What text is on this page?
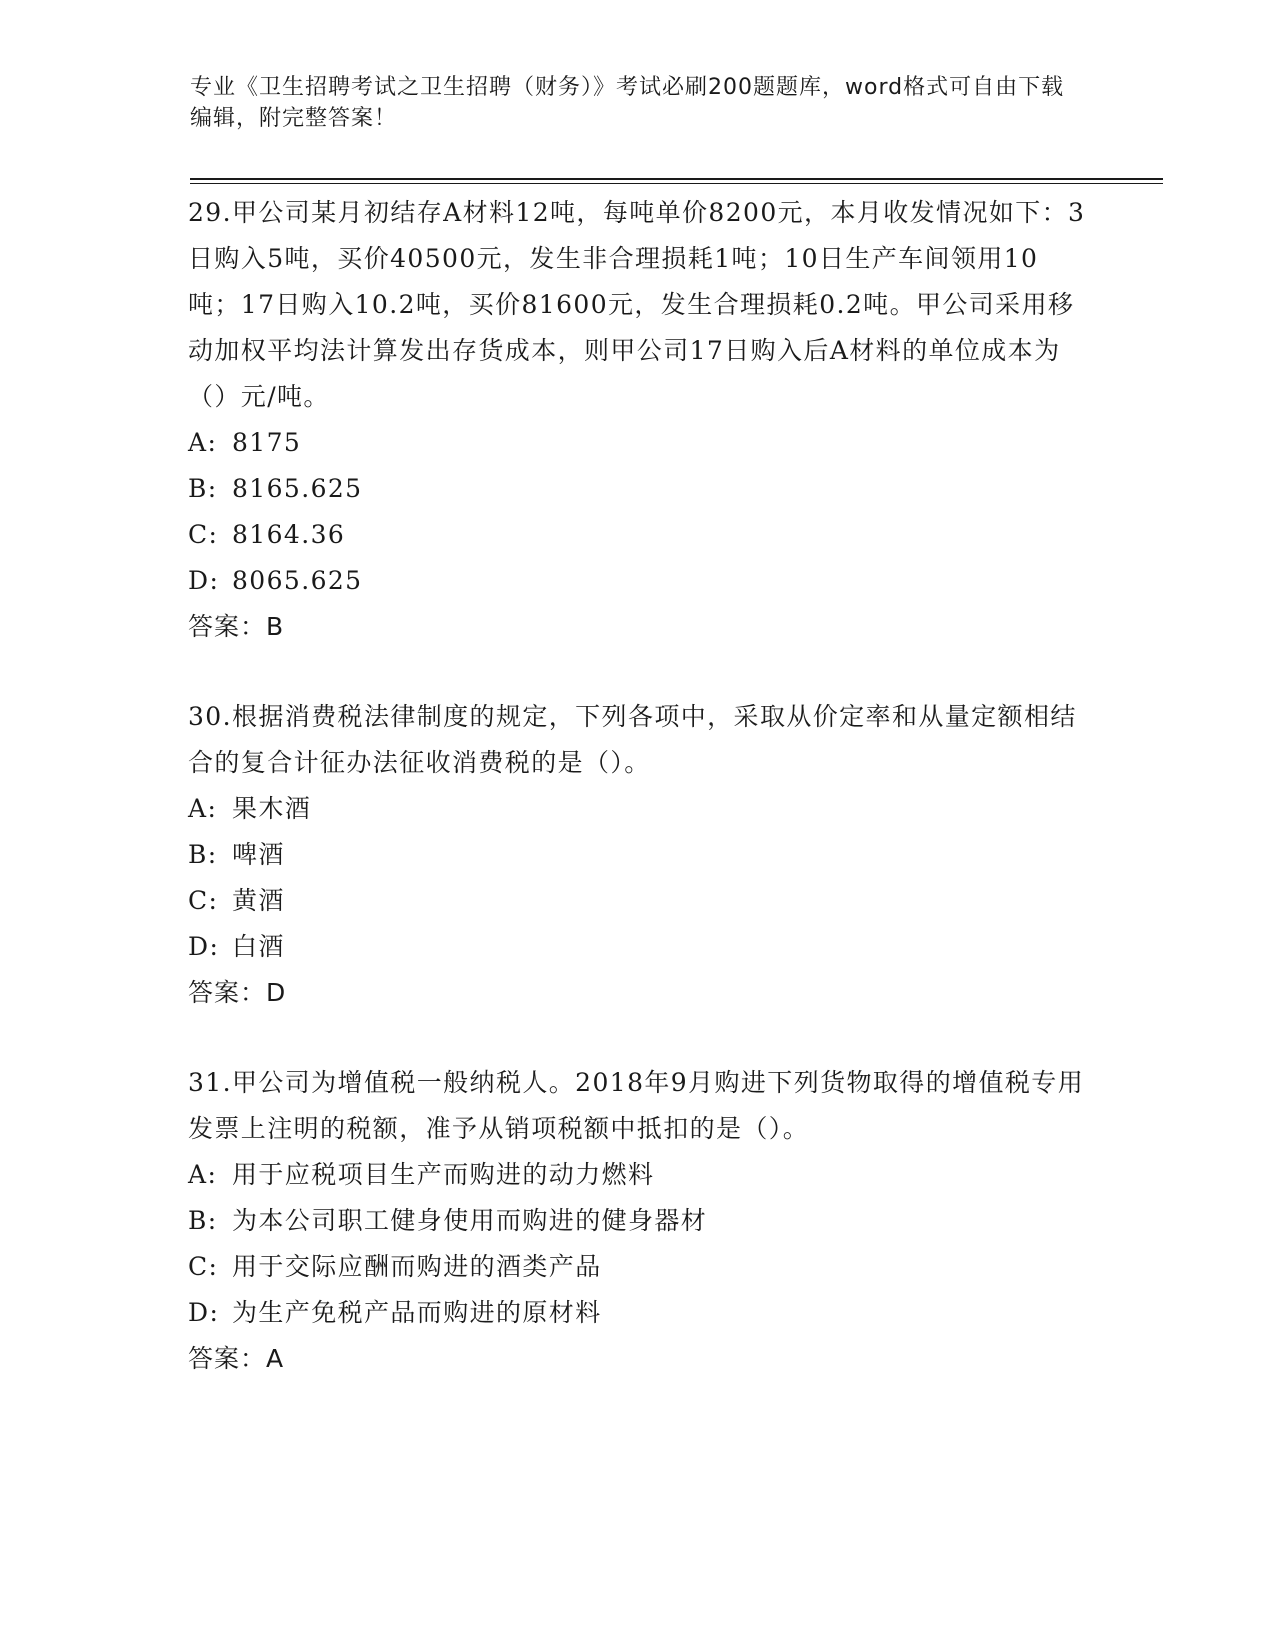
专业《卫生招聘考试之卫生招聘（财务）》考试必刷200题题库，word格式可自由下载编辑，附完整答案！

29.甲公司某月初结存A材料12吨，每吨单价8200元，本月收发情况如下：3日购入5吨，买价40500元，发生非合理损耗1吨；10日生产车间领用10吨；17日购入10.2吨，买价81600元，发生合理损耗0.2吨。甲公司采用移动加权平均法计算发出存货成本，则甲公司17日购入后A材料的单位成本为（）元/吨。

A: 8175
B: 8165.625
C: 8164.36
D: 8065.625
答案：B

30.根据消费税法律制度的规定，下列各项中，采取从价定率和从量定额相结合的复合计征办法征收消费税的是（）。

A: 果木酒
B: 啤酒
C: 黄酒
D: 白酒
答案：D

31.甲公司为增值税一般纳税人。2018年9月购进下列货物取得的增值税专用发票上注明的税额，准予从销项税额中抵扣的是（）。

A: 用于应税项目生产而购进的动力燃料
B: 为本公司职工健身使用而购进的健身器材
C: 用于交际应酬而购进的酒类产品
D: 为生产免税产品而购进的原材料
答案：A
